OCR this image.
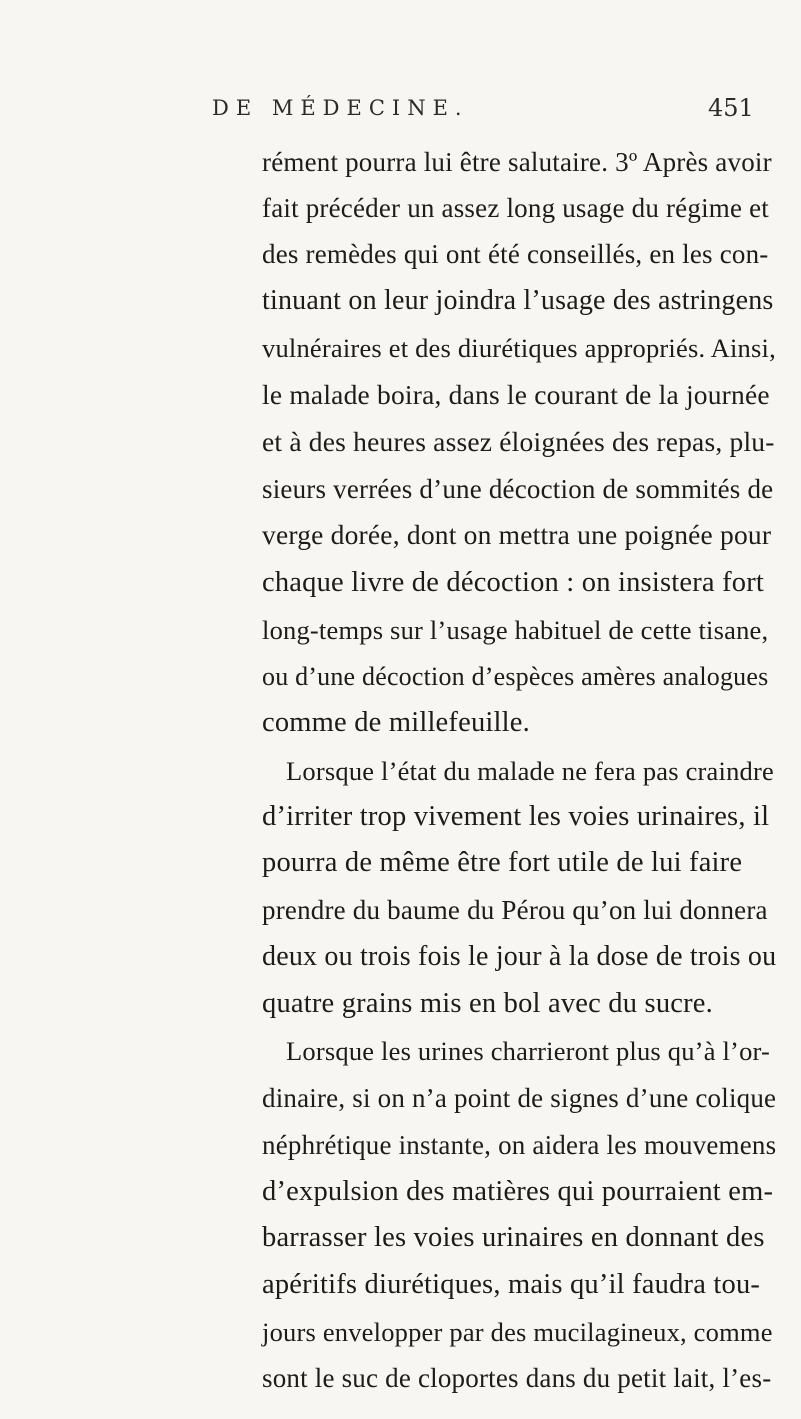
DE MÉDECINE.	451
rément pourra lui être salutaire. 3º Après avoir
fait précéder un assez long usage du régime et
des remèdes qui ont été conseillés, en les con-
tinuant on leur joindra l’usage des astringens
vulnéraires et des diurétiques appropriés. Ainsi,
le malade boira, dans le courant de la journée
et à des heures assez éloignées des repas, plu-
sieurs verrées d’une décoction de sommités de
verge dorée, dont on mettra une poignée pour
chaque livre de décoction : on insistera fort
long-temps sur l’usage habituel de cette tisane,
ou d’une décoction d’espèces amères analogues
comme de millefeuille.
Lorsque l’état du malade ne fera pas craindre
d’irriter trop vivement les voies urinaires, il
pourra de même être fort utile de lui faire
prendre du baume du Pérou qu’on lui donnera
deux ou trois fois le jour à la dose de trois ou
quatre grains mis en bol avec du sucre.
Lorsque les urines charrieront plus qu’à l’or-
dinaire, si on n’a point de signes d’une colique
néphrétique instante, on aidera les mouvemens
d’expulsion des matières qui pourraient em-
barrasser les voies urinaires en donnant des
apéritifs diurétiques, mais qu’il faudra tou-
jours envelopper par des mucilagineux, comme
sont le suc de cloportes dans du petit lait, l’es-
